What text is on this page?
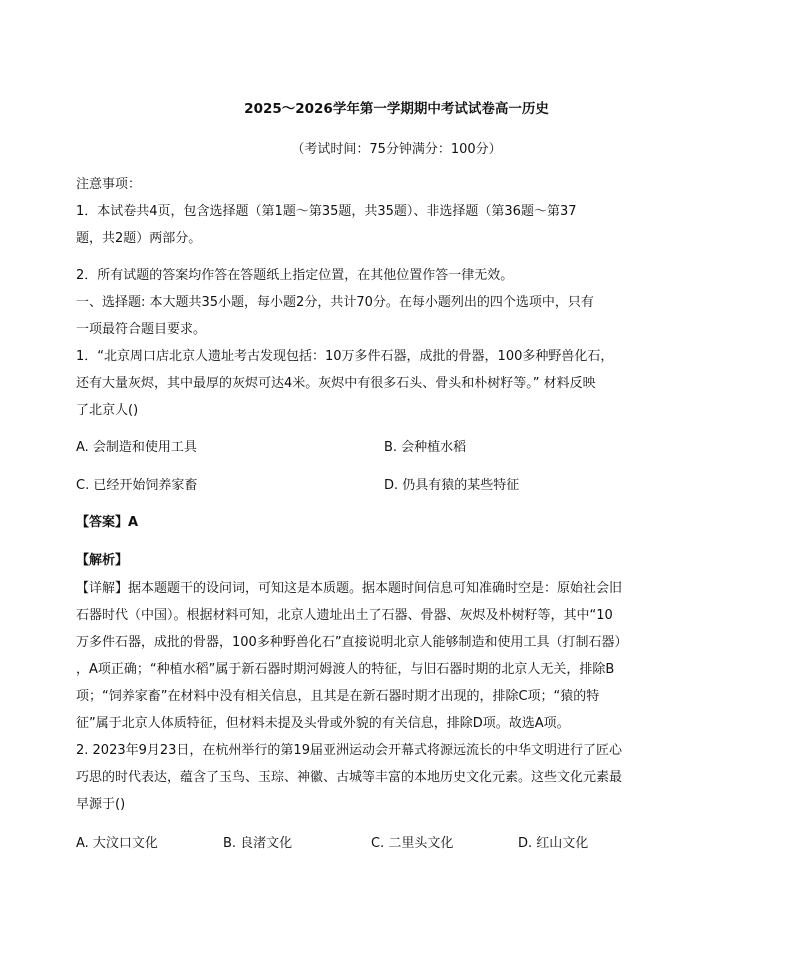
2025～2026学年第一学期期中考试试卷高一历史
（考试时间：75分钟满分：100分）
注意事项：
1．本试卷共4页，包含选择题（第1题～第35题，共35题）、非选择题（第36题～第37
题，共2题）两部分。
2．所有试题的答案均作答在答题纸上指定位置，在其他位置作答一律无效。
一、选择题: 本大题共35小题，每小题2分，共计70分。在每小题列出的四个选项中，只有
一项最符合题目要求。
1．“北京周口店北京人遗址考古发现包括：10万多件石器，成批的骨器，100多种野兽化石，
还有大量灰烬，其中最厚的灰烬可达4米。灰烬中有很多石头、骨头和朴树籽等。” 材料反映
了北京人()
A. 会制造和使用工具	B. 会种植水稻
C. 已经开始饲养家畜	D. 仍具有猿的某些特征
【答案】A
【解析】
【详解】据本题题干的设问词，可知这是本质题。据本题时间信息可知准确时空是：原始社会旧
石器时代（中国）。根据材料可知，北京人遗址出土了石器、骨器、灰烬及朴树籽等，其中“10
万多件石器，成批的骨器，100多种野兽化石”直接说明北京人能够制造和使用工具（打制石器）
，A项正确；“种植水稻”属于新石器时期河姆渡人的特征，与旧石器时期的北京人无关，排除B
项；“饲养家畜”在材料中没有相关信息，且其是在新石器时期才出现的，排除C项；“猿的特
征”属于北京人体质特征，但材料未提及头骨或外貌的有关信息，排除D项。故选A项。
2. 2023年9月23日，在杭州举行的第19届亚洲运动会开幕式将源远流长的中华文明进行了匠心
巧思的时代表达，蕴含了玉鸟、玉琮、神徽、古城等丰富的本地历史文化元素。这些文化元素最
早源于()
A. 大汶口文化	B. 良渚文化	C. 二里头文化	D. 红山文化
